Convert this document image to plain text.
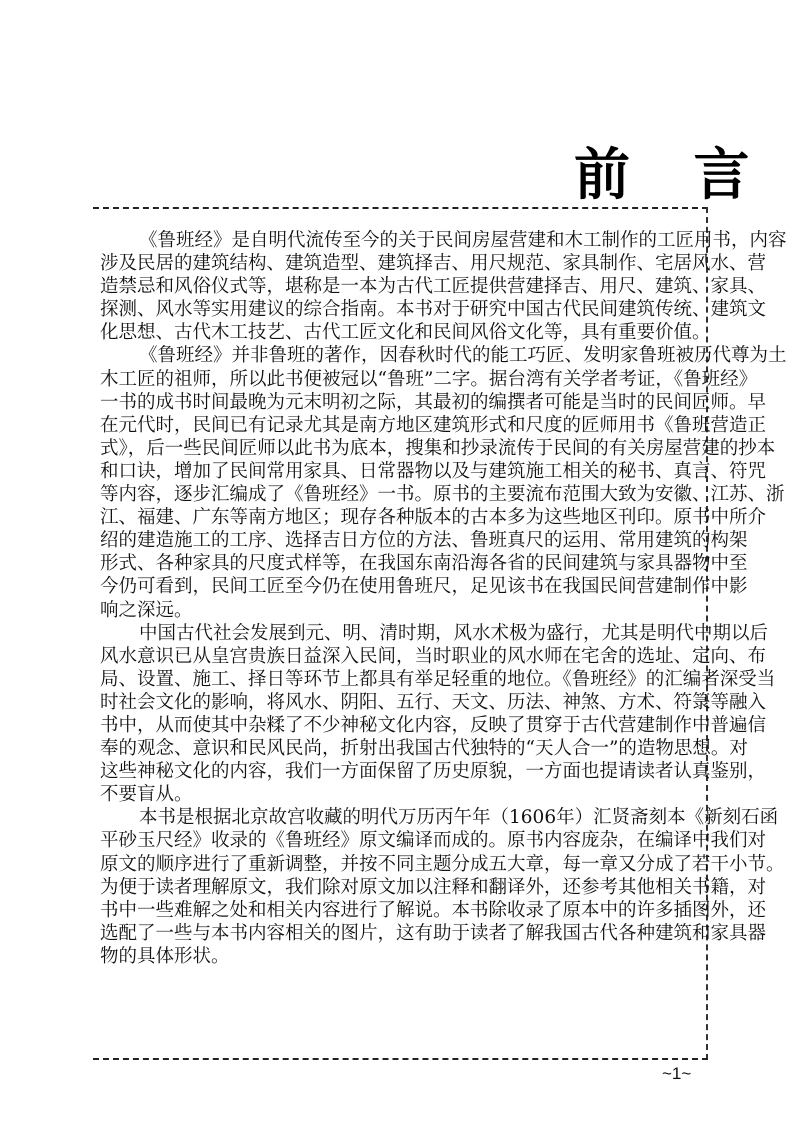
前 言
《鲁班经》是自明代流传至今的关于民间房屋营建和木工制作的工匠用书，内容
涉及民居的建筑结构、建筑造型、建筑择吉、用尺规范、家具制作、宅居风水、营
造禁忌和风俗仪式等，堪称是一本为古代工匠提供营建择吉、用尺、建筑、家具、
探测、风水等实用建议的综合指南。本书对于研究中国古代民间建筑传统、建筑文
化思想、古代木工技艺、古代工匠文化和民间风俗文化等，具有重要价值。
《鲁班经》并非鲁班的著作，因春秋时代的能工巧匠、发明家鲁班被历代尊为土
木工匠的祖师，所以此书便被冠以“鲁班”二字。据台湾有关学者考证，《鲁班经》
一书的成书时间最晚为元末明初之际，其最初的编撰者可能是当时的民间匠师。早
在元代时，民间已有记录尤其是南方地区建筑形式和尺度的匠师用书《鲁班营造正
式》，后一些民间匠师以此书为底本，搜集和抄录流传于民间的有关房屋营建的抄本
和口诀，增加了民间常用家具、日常器物以及与建筑施工相关的秘书、真言、符咒
等内容，逐步汇编成了《鲁班经》一书。原书的主要流布范围大致为安徽、江苏、浙
江、福建、广东等南方地区；现存各种版本的古本多为这些地区刊印。原书中所介
绍的建造施工的工序、选择吉日方位的方法、鲁班真尺的运用、常用建筑的构架
形式、各种家具的尺度式样等，在我国东南沿海各省的民间建筑与家具器物中至
今仍可看到，民间工匠至今仍在使用鲁班尺，足见该书在我国民间营建制作中影
响之深远。
中国古代社会发展到元、明、清时期，风水术极为盛行，尤其是明代中期以后
风水意识已从皇宫贵族日益深入民间，当时职业的风水师在宅舍的选址、定向、布
局、设置、施工、择日等环节上都具有举足轻重的地位。《鲁班经》的汇编者深受当
时社会文化的影响，将风水、阴阳、五行、天文、历法、神煞、方术、符箓等融入
书中，从而使其中杂糅了不少神秘文化内容，反映了贯穿于古代营建制作中普遍信
奉的观念、意识和民风民尚，折射出我国古代独特的“天人合一”的造物思想。对
这些神秘文化的内容，我们一方面保留了历史原貌，一方面也提请读者认真鉴别，
不要盲从。
本书是根据北京故宫收藏的明代万历丙午年（1606年）汇贤斋刻本《新刻石函
平砂玉尺经》收录的《鲁班经》原文编译而成的。原书内容庞杂，在编译中我们对
原文的顺序进行了重新调整，并按不同主题分成五大章，每一章又分成了若干小节。
为便于读者理解原文，我们除对原文加以注释和翻译外，还参考其他相关书籍，对
书中一些难解之处和相关内容进行了解说。本书除收录了原本中的许多插图外，还
选配了一些与本书内容相关的图片，这有助于读者了解我国古代各种建筑和家具器
物的具体形状。
~1~
